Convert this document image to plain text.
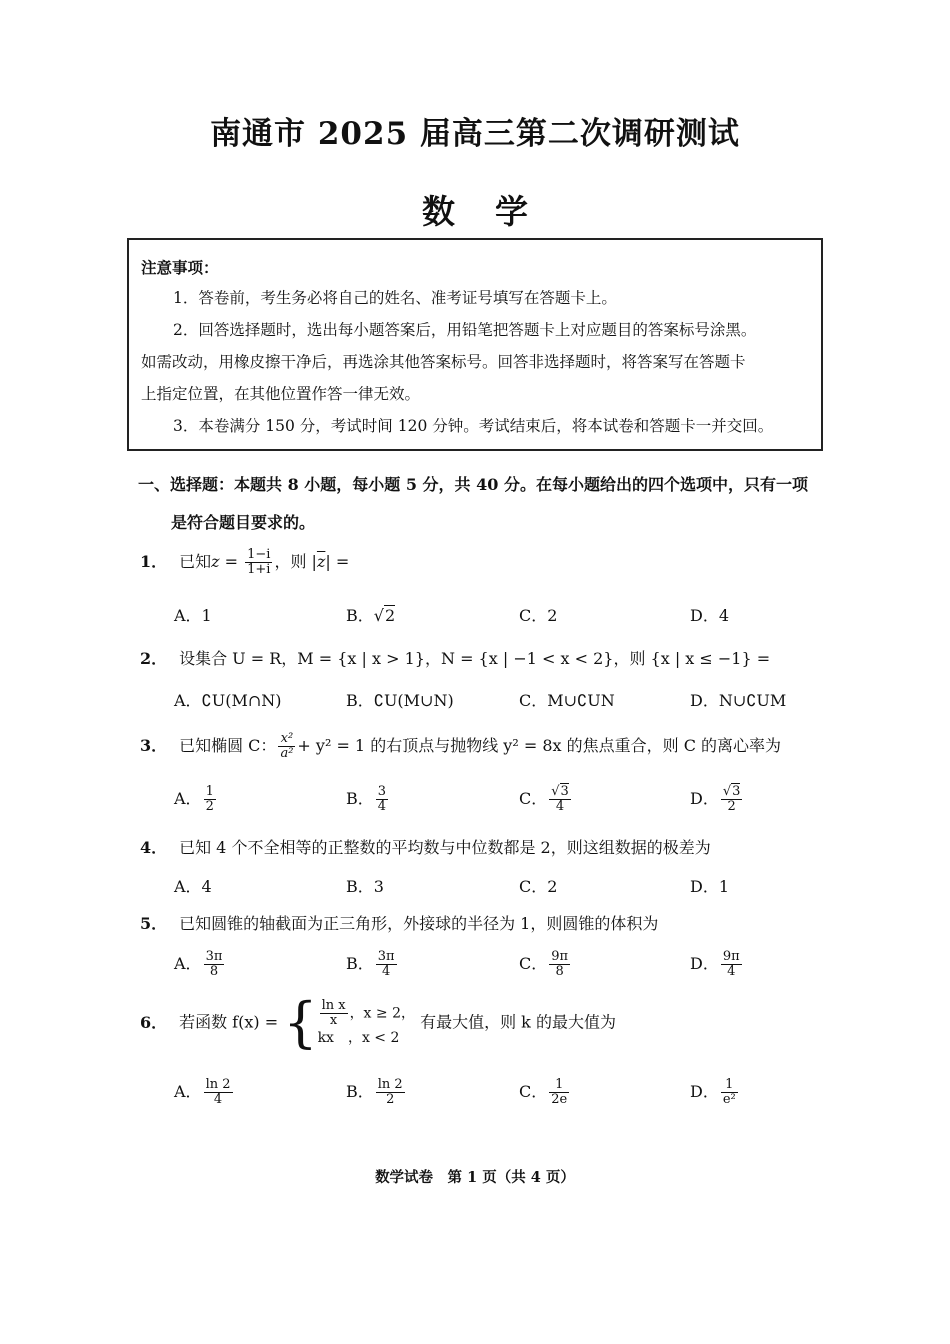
南通市 2025 届高三第二次调研测试
数学

注意事项：

1．答卷前，考生务必将自己的姓名、准考证号填写在答题卡上。

2．回答选择题时，选出每小题答案后，用铅笔把答题卡上对应题目的答案标号涂黑。

如需改动，用橡皮擦干净后，再选涂其他答案标号。回答非选择题时，将答案写在答题卡

上指定位置，在其他位置作答一律无效。

3．本卷满分 150 分，考试时间 120 分钟。考试结束后，将本试卷和答题卡一并交回。

一、选择题：本题共 8 小题，每小题 5 分，共 40 分。在每小题给出的四个选项中，只有一项
是符合题目要求的。
1． 已知$z = \frac{1-i}{1+i}$ ，则 $|\overline{z}|$ =
A．1	B．√2	C．2	D．4
2． 设集合 U = R，M = {x | x > 1}，N = {x | −1 < x < 2}，则 {x | x ≤ −1} =
A．∁U(M∩N)	B．∁U(M∪N)	C．M∪∁UN	D．N∪∁UM
3． 已知椭圆 C： $\frac{\text{x²}}{\text{a²}} + y^2 = 1$ 的右顶点与抛物线 y² = 8x 的焦点重合，则 C 的离心率为
A． $\frac{1}{2}$	B． $\frac{3}{4}$	C． $\frac{√3}{4}$	D． $\frac{√3}{2}$
4． 已知 4 个不全相等的正整数的平均数与中位数都是 2，则这组数据的极差为
A．4	B．3	C．2	D．1
5． 已知圆锥的轴截面为正三角形，外接球的半径为 1，则圆锥的体积为
A． $\frac{3\pi}{8}$	B． $\frac{3\pi}{4}$	C． $\frac{9\pi}{8}$	D． $\frac{9\pi}{4}$
6． 若函数 f(x) = { $\frac{\text{ln x}}{x}$ ，x ≥ 2，
kx　，x < 2
有最大值，则 k 的最大值为
A． $\frac{\ln 2}{4}$	B． $\frac{\ln 2}{2}$	C． $\frac{1}{2e}$	D． $\frac{1}{\text{e²}}$
数学试卷　第 1 页（共 4 页）
